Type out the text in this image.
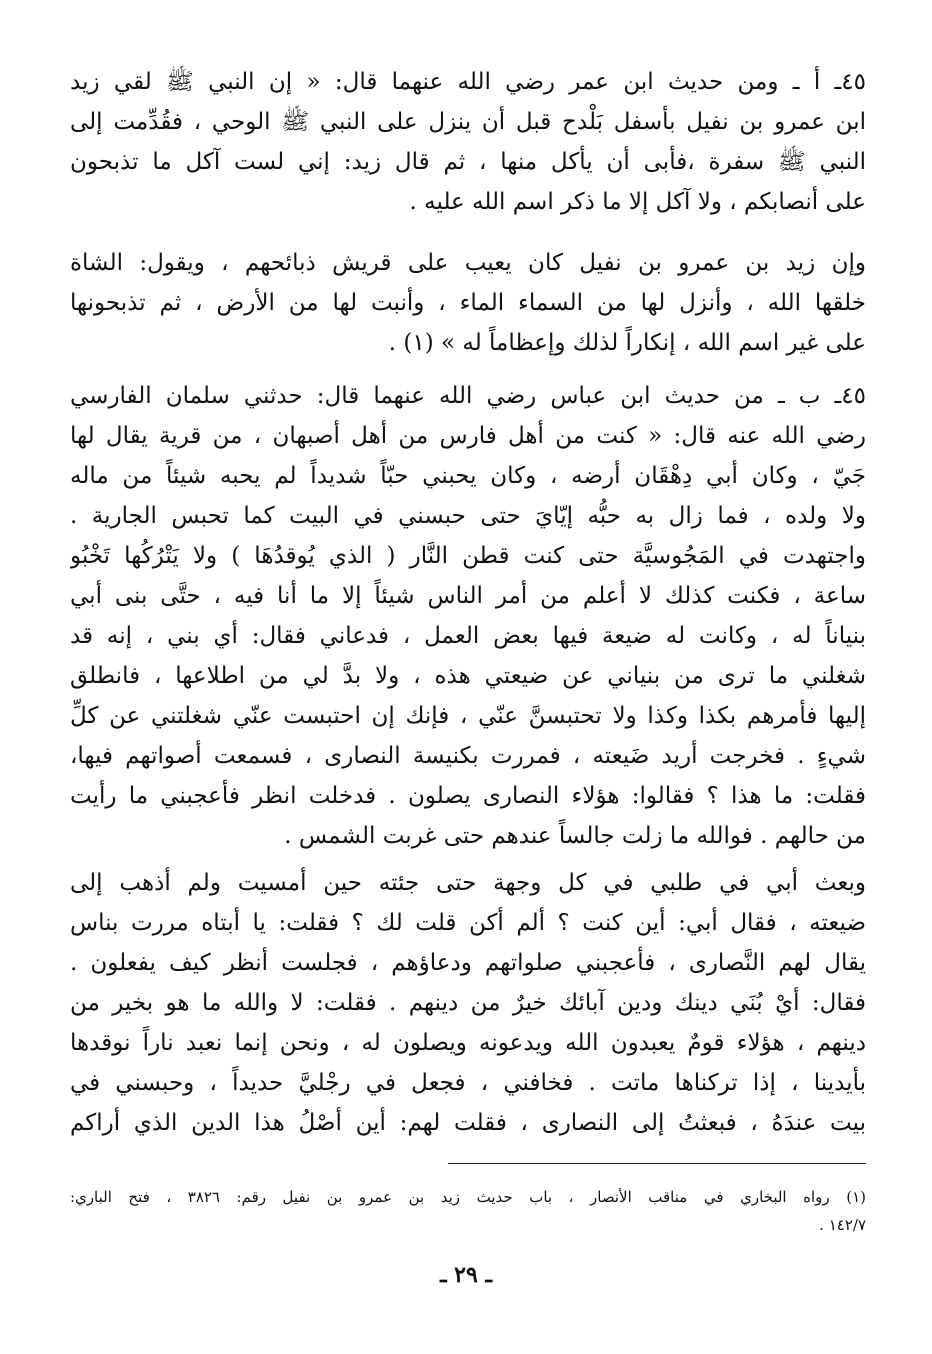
٤٥ـ أ ـ ومن حديث ابن عمر رضي الله عنهما قال: « إن النبي ﷺ لقي زيد
ابن عمرو بن نفيل بأسفل بَلْدح قبل أن ينزل على النبي ﷺ الوحي ، فقُدِّمت إلى
النبي ﷺ سفرة ،فأبى أن يأكل منها ، ثم قال زيد: إني لست آكل ما تذبحون
على أنصابكم ، ولا آكل إلا ما ذكر اسم الله عليه .
وإن زيد بن عمرو بن نفيل كان يعيب على قريش ذبائحهم ، ويقول: الشاة
خلقها الله ، وأنزل لها من السماء الماء ، وأنبت لها من الأرض ، ثم تذبحونها
على غير اسم الله ، إنكاراً لذلك وإعظاماً له » (١) .
٤٥ـ ب ـ من حديث ابن عباس رضي الله عنهما قال: حدثني سلمان الفارسي
رضي الله عنه قال: « كنت من أهل فارس من أهل أصبهان ، من قرية يقال لها
جَيّ ، وكان أبي دِهْقَان أرضه ، وكان يحبني حبّاً شديداً لم يحبه شيئاً من ماله
ولا ولده ، فما زال به حبُّه إيّايَ حتى حبسني في البيت كما تحبس الجارية .
واجتهدت في المَجُوسيَّة حتى كنت قطن النَّار ( الذي يُوقدُهَا ) ولا يَتْرُكُها تَخْبُو
ساعة ، فكنت كذلك لا أعلم من أمر الناس شيئاً إلا ما أنا فيه ، حتَّى بنى أبي
بنياناً له ، وكانت له ضيعة فيها بعض العمل ، فدعاني فقال: أي بني ، إنه قد
شغلني ما ترى من بنياني عن ضيعتي هذه ، ولا بدَّ لي من اطلاعها ، فانطلق
إليها فأمرهم بكذا وكذا ولا تحتبسنَّ عنّي ، فإنك إن احتبست عنّي شغلتني عن كلِّ
شيءٍ . فخرجت أريد ضَيعته ، فمررت بكنيسة النصارى ، فسمعت أصواتهم فيها،
فقلت: ما هذا ؟ فقالوا: هؤلاء النصارى يصلون . فدخلت انظر فأعجبني ما رأيت
من حالهم . فوالله ما زلت جالساً عندهم حتى غربت الشمس .
وبعث أبي في طلبي في كل وجهة حتى جئته حين أمسيت ولم أذهب إلى
ضيعته ، فقال أبي: أين كنت ؟ ألم أكن قلت لك ؟ فقلت: يا أبتاه مررت بناس
يقال لهم النَّصارى ، فأعجبني صلواتهم ودعاؤهم ، فجلست أنظر كيف يفعلون .
فقال: أيْ بُنَي دينك ودين آبائك خيرٌ من دينهم . فقلت: لا والله ما هو بخير من
دينهم ، هؤلاء قومٌ يعبدون الله ويدعونه ويصلون له ، ونحن إنما نعبد ناراً نوقدها
بأيدينا ، إذا تركناها ماتت . فخافني ، فجعل في رجْليَّ حديداً ، وحبسني في
بيت عندَهُ ، فبعثتُ إلى النصارى ، فقلت لهم: أين أصْلُ هذا الدين الذي أراكم
(١) رواه البخاري في مناقب الأنصار ، باب حديث زيد بن عمرو بن نفيل رقم: ٣٨٢٦ ، فتح الباري:
١٤٢/٧ .
ـ ٢٩ ـ
